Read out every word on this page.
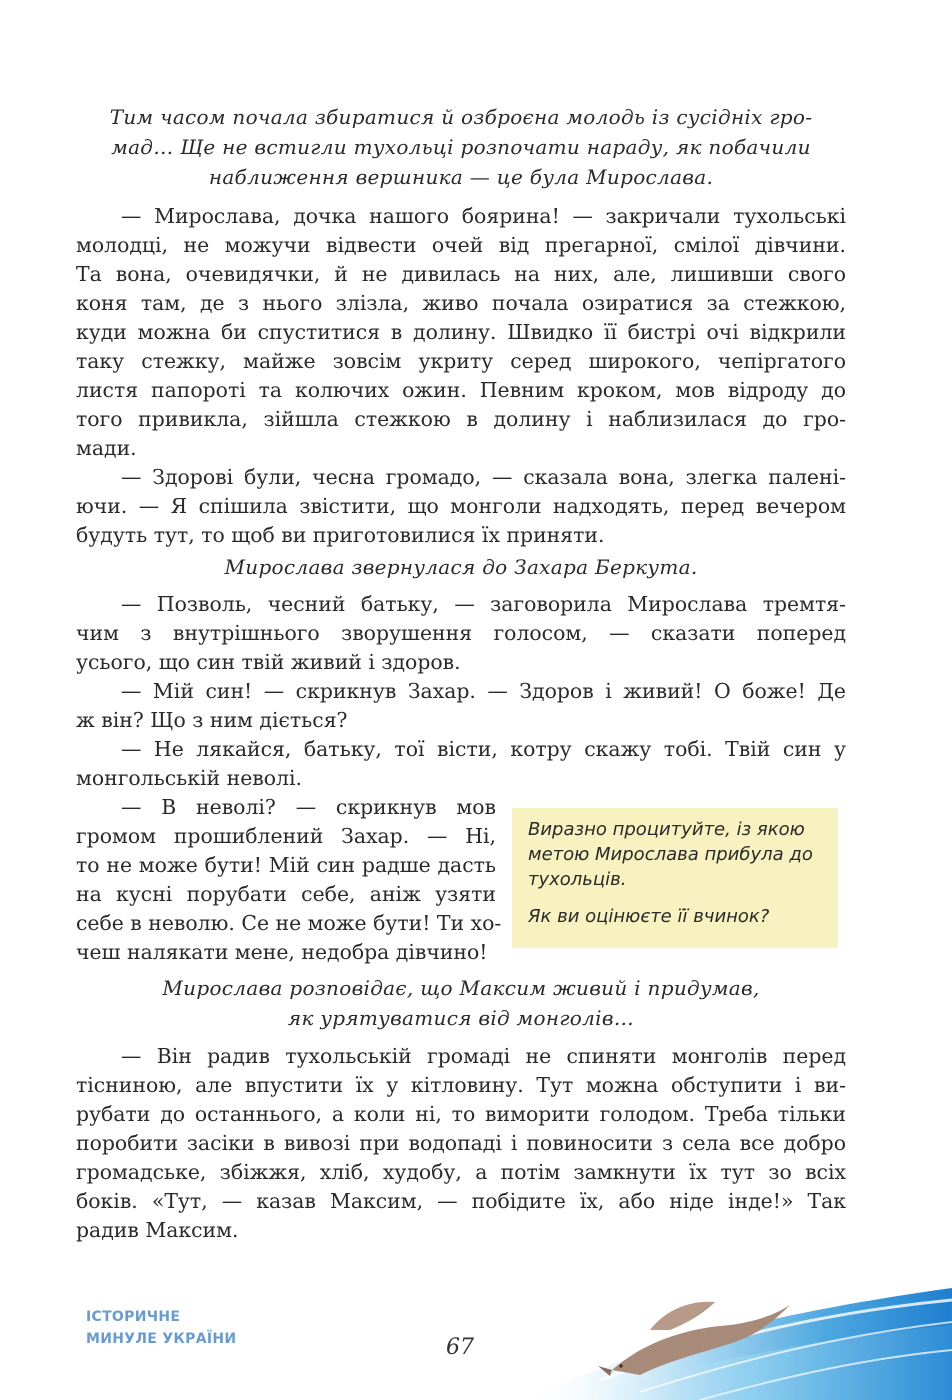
Тим часом почала збиратися й озброєна молодь із сусідніх гро-
мад… Ще не встигли тухольці розпочати нараду, як побачили
наближення вершника — це була Мирослава.
— Мирослава, дочка нашого боярина! — закричали тухольські
молодці, не можучи відвести очей від прегарної, смілої дівчини.
Та вона, очевидячки, й не дивилась на них, але, лишивши свого
коня там, де з нього злізла, живо почала озиратися за стежкою,
куди можна би спуститися в долину. Швидко її бистрі очі відкрили
таку стежку, майже зовсім укриту серед широкого, чепіргатого
листя папороті та колючих ожин. Певним кроком, мов відроду до
того привикла, зійшла стежкою в долину і наблизилася до гро-
мади.
— Здорові були, чесна громадо, — сказала вона, злегка палені-
ючи. — Я спішила звістити, що монголи надходять, перед вечером
будуть тут, то щоб ви приготовилися їх приняти.
Мирослава звернулася до Захара Беркута.
— Позволь, чесний батьку, — заговорила Мирослава тремтя-
чим з внутрішнього зворушення голосом, — сказати поперед
усього, що син твій живий і здоров.
— Мій син! — скрикнув Захар. — Здоров і живий! О боже! Де
ж він? Що з ним діється?
— Не лякайся, батьку, тої вісти, котру скажу тобі. Твій син у
монгольській неволі.
— В неволі? — скрикнув мов
громом прошиблений Захар. — Ні,
то не може бути! Мій син радше дасть
на кусні порубати себе, аніж узяти
себе в неволю. Се не може бути! Ти хо-
чеш налякати мене, недобра дівчино!

Виразно процитуйте, із якою метою Мирослава прибула до тухольців.

Як ви оцінюєте її вчинок?

Мирослава розповідає, що Максим живий і придумав,
як урятуватися від монголів…
— Він радив тухольській громаді не спиняти монголів перед
тісниною, але впустити їх у кітловину. Тут можна обступити і ви-
рубати до останнього, а коли ні, то виморити голодом. Треба тільки
поробити засіки в вивозі при водопаді і повиносити з села все добро
громадське, збіжжя, хліб, худобу, а потім замкнути їх тут зо всіх
боків. «Тут, — казав Максим, — побідите їх, або ніде інде!» Так
радив Максим.
ІСТОРИЧНЕ
МИНУЛЕ УКРАЇНИ	67
